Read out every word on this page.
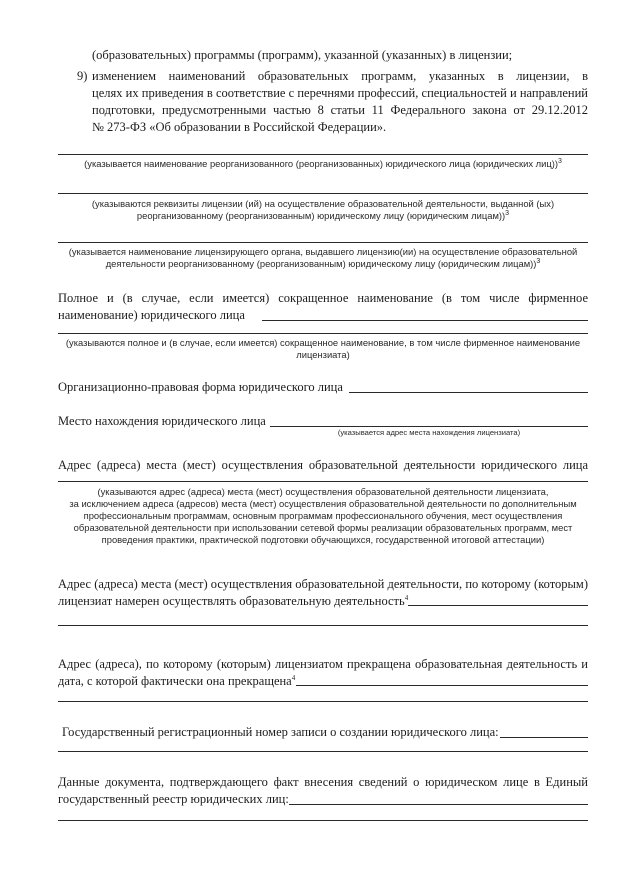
(образовательных) программы (программ), указанной (указанных) в лицензии;
9) изменением наименований образовательных программ, указанных в лицензии, в
целях их приведения в соответствие с перечнями профессий, специальностей и направлений
подготовки, предусмотренными частью 8 статьи 11 Федерального закона от 29.12.2012
№ 273-ФЗ «Об образовании в Российской Федерации».
(указывается наименование реорганизованного (реорганизованных) юридического лица (юридических лиц))$^3$
(указываются реквизиты лицензии (ий) на осуществление образовательной деятельности, выданной (ых)
реорганизованному (реорганизованным) юридическому лицу (юридическим лицам))$^3$
(указывается наименование лицензирующего органа, выдавшего лицензию(ии) на осуществление образовательной
деятельности реорганизованному (реорганизованным) юридическому лицу (юридическим лицам))$^3$
Полное и (в случае, если имеется) сокращенное наименование (в том числе фирменное
наименование) юридического лица
(указываются полное и (в случае, если имеется) сокращенное наименование, в том числе фирменное наименование
лицензиата)
Организационно-правовая форма юридического лица
Место нахождения юридического лица
(указывается адрес места нахождения лицензиата)
Адрес (адреса) места (мест) осуществления образовательной деятельности юридического лица
(указываются адрес (адреса) места (мест) осуществления образовательной деятельности лицензиата,
за исключением адреса (адресов) места (мест) осуществления образовательной деятельности по дополнительным
профессиональным программам, основным программам профессионального обучения, мест осуществления
образовательной деятельности при использовании сетевой формы реализации образовательных программ, мест
проведения практики, практической подготовки обучающихся, государственной итоговой аттестации)
Адрес (адреса) места (мест) осуществления образовательной деятельности, по которому (которым)
лицензиат намерен осуществлять образовательную деятельность$^4$
Адрес (адреса), по которому (которым) лицензиатом прекращена образовательная деятельность и
дата, с которой фактически она прекращена$^4$
Государственный регистрационный номер записи о создании юридического лица:
Данные документа, подтверждающего факт внесения сведений о юридическом лице в Единый
государственный реестр юридических лиц:
